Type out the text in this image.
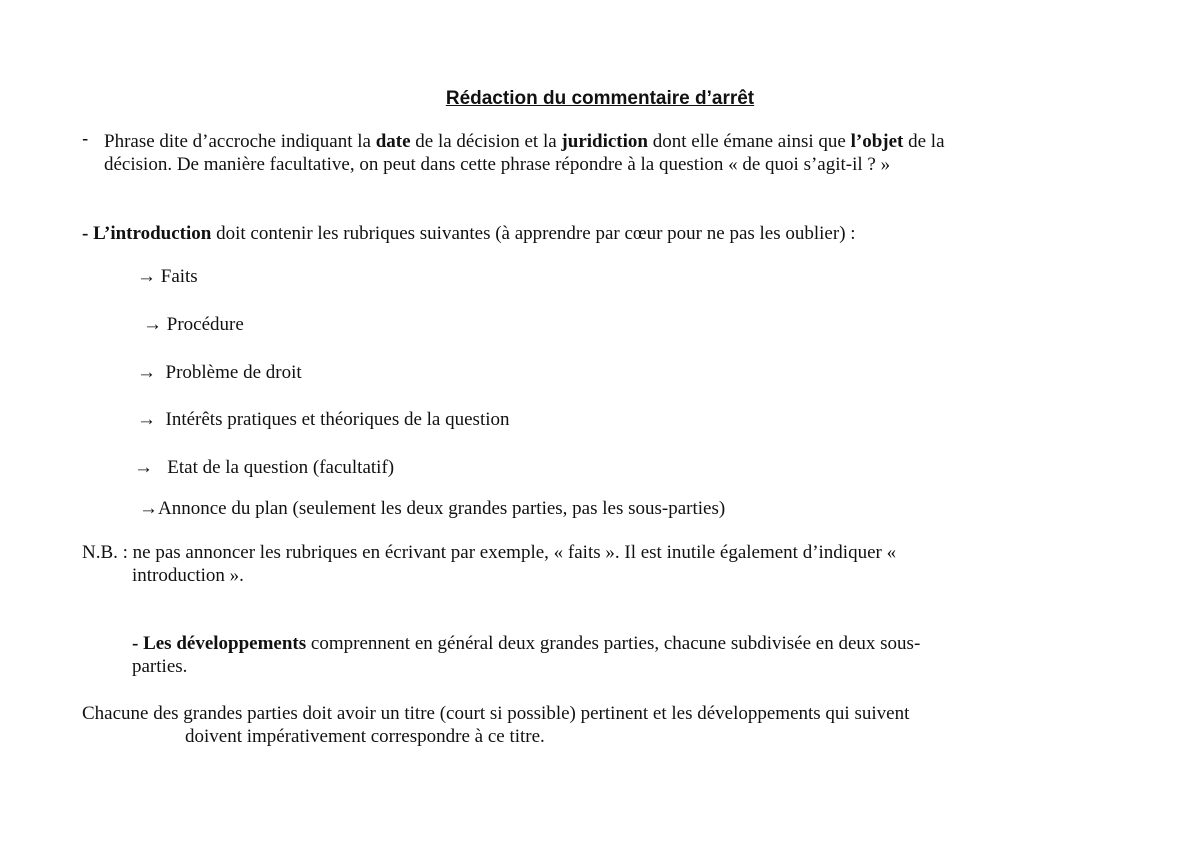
Rédaction du commentaire d’arrêt
- Phrase dite d’accroche indiquant la date de la décision et la juridiction dont elle émane ainsi que l’objet de la
décision. De manière facultative, on peut dans cette phrase répondre à la question « de quoi s’agit-il ? »
- L’introduction doit contenir les rubriques suivantes (à apprendre par cœur pour ne pas les oublier) :
→ Faits
→ Procédure
→ Problème de droit
→ Intérêts pratiques et théoriques de la question
→ Etat de la question (facultatif)
→Annonce du plan (seulement les deux grandes parties, pas les sous-parties)
N.B. : ne pas annoncer les rubriques en écrivant par exemple, « faits ». Il est inutile également d’indiquer «
introduction ».
- Les développements comprennent en général deux grandes parties, chacune subdivisée en deux sous-
parties.
Chacune des grandes parties doit avoir un titre (court si possible) pertinent et les développements qui suivent
doivent impérativement correspondre à ce titre.
